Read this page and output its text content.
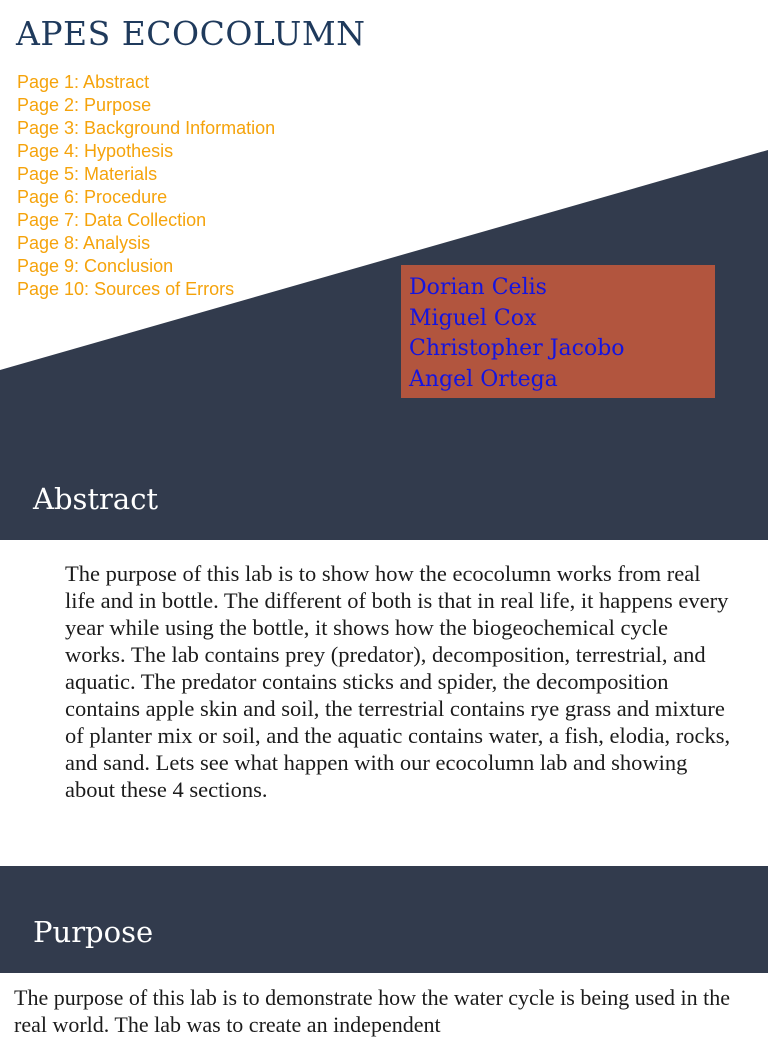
APES ECOCOLUMN
Page 1: Abstract
Page 2: Purpose
Page 3: Background Information
Page 4: Hypothesis
Page 5: Materials
Page 6: Procedure
Page 7: Data Collection
Page 8: Analysis
Page 9: Conclusion
Page 10: Sources of Errors	Dorian Celis
Miguel Cox
Christopher Jacobo
Angel Ortega
Abstract

The purpose of this lab is to show how the ecocolumn works from real life and in bottle. The different of both is that in real life, it happens every year while using the bottle, it shows how the biogeochemical cycle works. The lab contains prey (predator), decomposition, terrestrial, and aquatic. The predator contains sticks and spider, the decomposition contains apple skin and soil, the terrestrial contains rye grass and mixture of planter mix or soil, and the aquatic contains water, a fish, elodia, rocks, and sand. Lets see what happen with our ecocolumn lab and showing about these 4 sections.

Purpose

The purpose of this lab is to demonstrate how the water cycle is being used in the real world. The lab was to create an independent
